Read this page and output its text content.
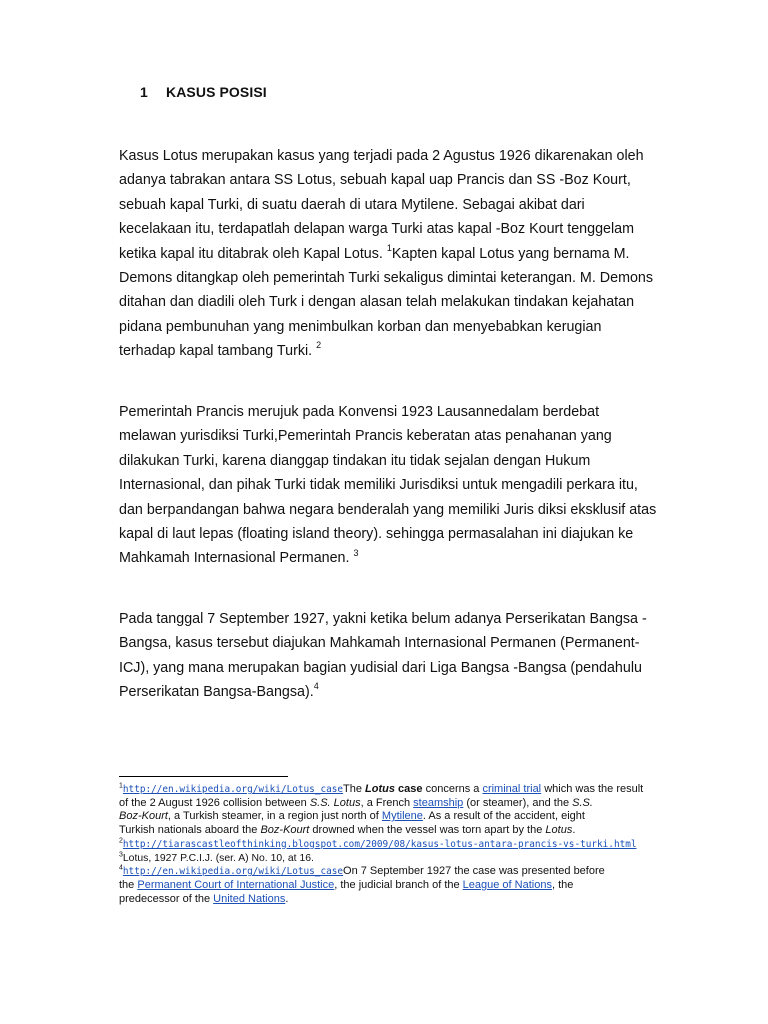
1 KASUS POSISI

Kasus Lotus merupakan kasus yang terjadi pada 2 Agustus 1926 dikarenakan oleh
adanya tabrakan antara SS Lotus, sebuah kapal uap Prancis dan SS -Boz Kourt,
sebuah kapal Turki, di suatu daerah di utara Mytilene. Sebagai akibat dari
kecelakaan itu, terdapatlah delapan warga Turki atas kapal -Boz Kourt tenggelam
ketika kapal itu ditabrak oleh Kapal Lotus. $^1$Kapten kapal Lotus yang bernama M.
Demons ditangkap oleh pemerintah Turki sekaligus dimintai keterangan. M. Demons
ditahan dan diadili oleh Turk i dengan alasan telah melakukan tindakan kejahatan
pidana pembunuhan yang menimbulkan korban dan menyebabkan kerugian
terhadap kapal tambang Turki. $^2$

Pemerintah Prancis merujuk pada Konvensi 1923 Lausannedalam berdebat
melawan yurisdiksi Turki,Pemerintah Prancis keberatan atas penahanan yang
dilakukan Turki, karena dianggap tindakan itu tidak sejalan dengan Hukum
Internasional, dan pihak Turki tidak memiliki Jurisdiksi untuk mengadili perkara itu,
dan berpandangan bahwa negara benderalah yang memiliki Juris diksi eksklusif atas
kapal di laut lepas (floating island theory). sehingga permasalahan ini diajukan ke
Mahkamah Internasional Permanen. $^3$

Pada tanggal 7 September 1927, yakni ketika belum adanya Perserikatan Bangsa -
Bangsa, kasus tersebut diajukan Mahkamah Internasional Permanen (Permanent-
ICJ), yang mana merupakan bagian yudisial dari Liga Bangsa -Bangsa (pendahulu
Perserikatan Bangsa-Bangsa).$^4$

$^1$http://en.wikipedia.org/wiki/Lotus_caseThe Lotus case concerns a criminal trial which was the result
of the 2 August 1926 collision between S.S. Lotus, a French steamship (or steamer), and the S.S.
Boz-Kourt, a Turkish steamer, in a region just north of Mytilene. As a result of the accident, eight
Turkish nationals aboard the Boz-Kourt drowned when the vessel was torn apart by the Lotus.
$^2$http://tiarascastleofthinking.blogspot.com/2009/08/kasus-lotus-antara-prancis-vs-turki.html
$^3$Lotus, 1927 P.C.I.J. (ser. A) No. 10, at 16.
$^4$http://en.wikipedia.org/wiki/Lotus_caseOn 7 September 1927 the case was presented before
the Permanent Court of International Justice, the judicial branch of the League of Nations, the
predecessor of the United Nations.
